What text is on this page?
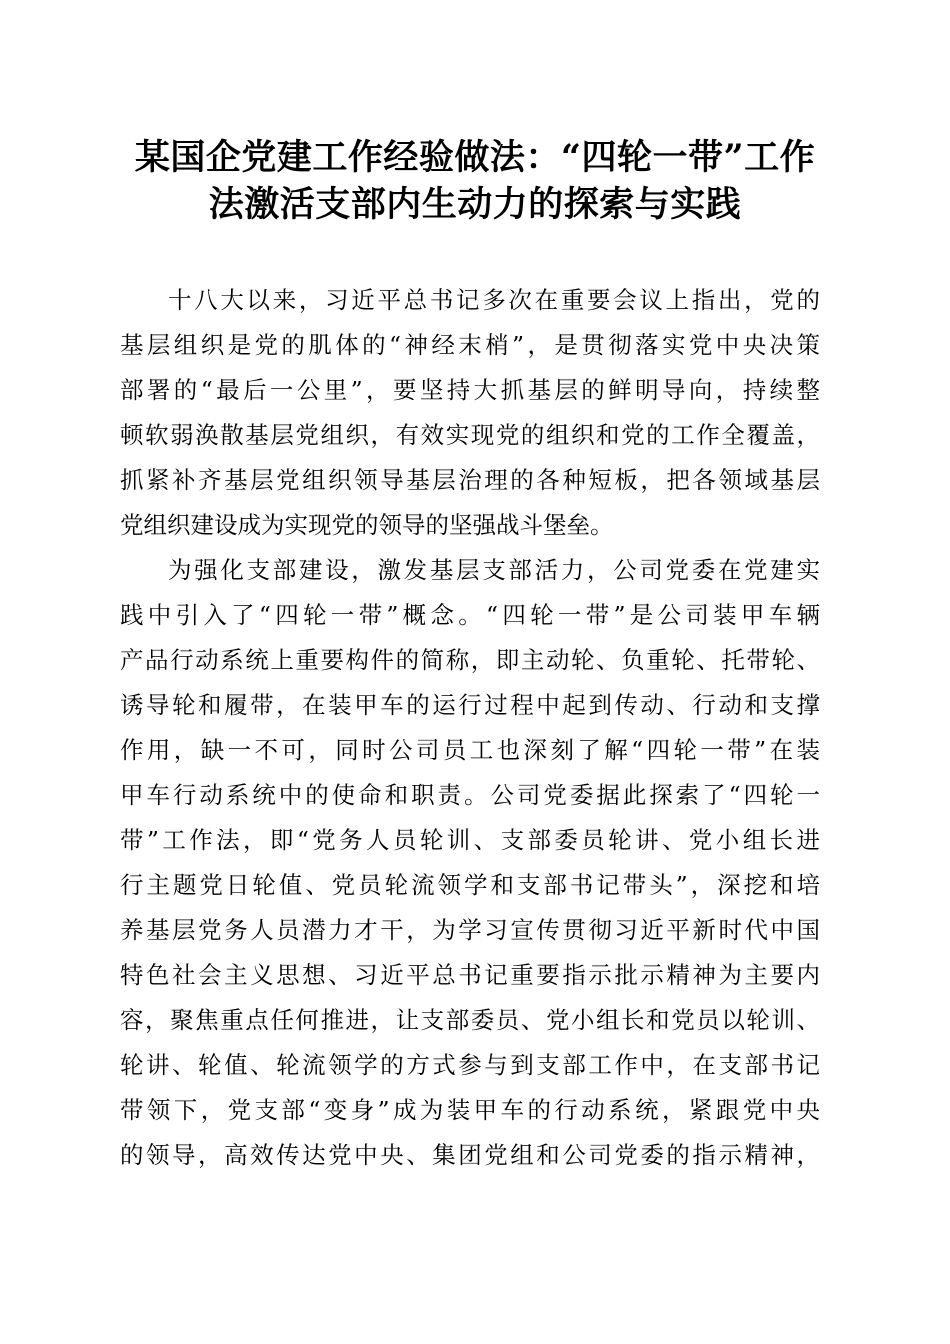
某国企党建工作经验做法：“四轮一带”工作
法激活支部内生动力的探索与实践
十八大以来，习近平总书记多次在重要会议上指出，党的
基层组织是党的肌体的“神经末梢”，是贯彻落实党中央决策
部署的“最后一公里”，要坚持大抓基层的鲜明导向，持续整
顿软弱涣散基层党组织，有效实现党的组织和党的工作全覆盖，
抓紧补齐基层党组织领导基层治理的各种短板，把各领域基层
党组织建设成为实现党的领导的坚强战斗堡垒。
为强化支部建设，激发基层支部活力，公司党委在党建实
践中引入了“四轮一带”概念。“四轮一带”是公司装甲车辆
产品行动系统上重要构件的简称，即主动轮、负重轮、托带轮、
诱导轮和履带，在装甲车的运行过程中起到传动、行动和支撑
作用，缺一不可，同时公司员工也深刻了解“四轮一带”在装
甲车行动系统中的使命和职责。公司党委据此探索了“四轮一
带”工作法，即“党务人员轮训、支部委员轮讲、党小组长进
行主题党日轮值、党员轮流领学和支部书记带头”，深挖和培
养基层党务人员潜力才干，为学习宣传贯彻习近平新时代中国
特色社会主义思想、习近平总书记重要指示批示精神为主要内
容，聚焦重点任何推进，让支部委员、党小组长和党员以轮训、
轮讲、轮值、轮流领学的方式参与到支部工作中，在支部书记
带领下，党支部“变身”成为装甲车的行动系统，紧跟党中央
的领导，高效传达党中央、集团党组和公司党委的指示精神，
